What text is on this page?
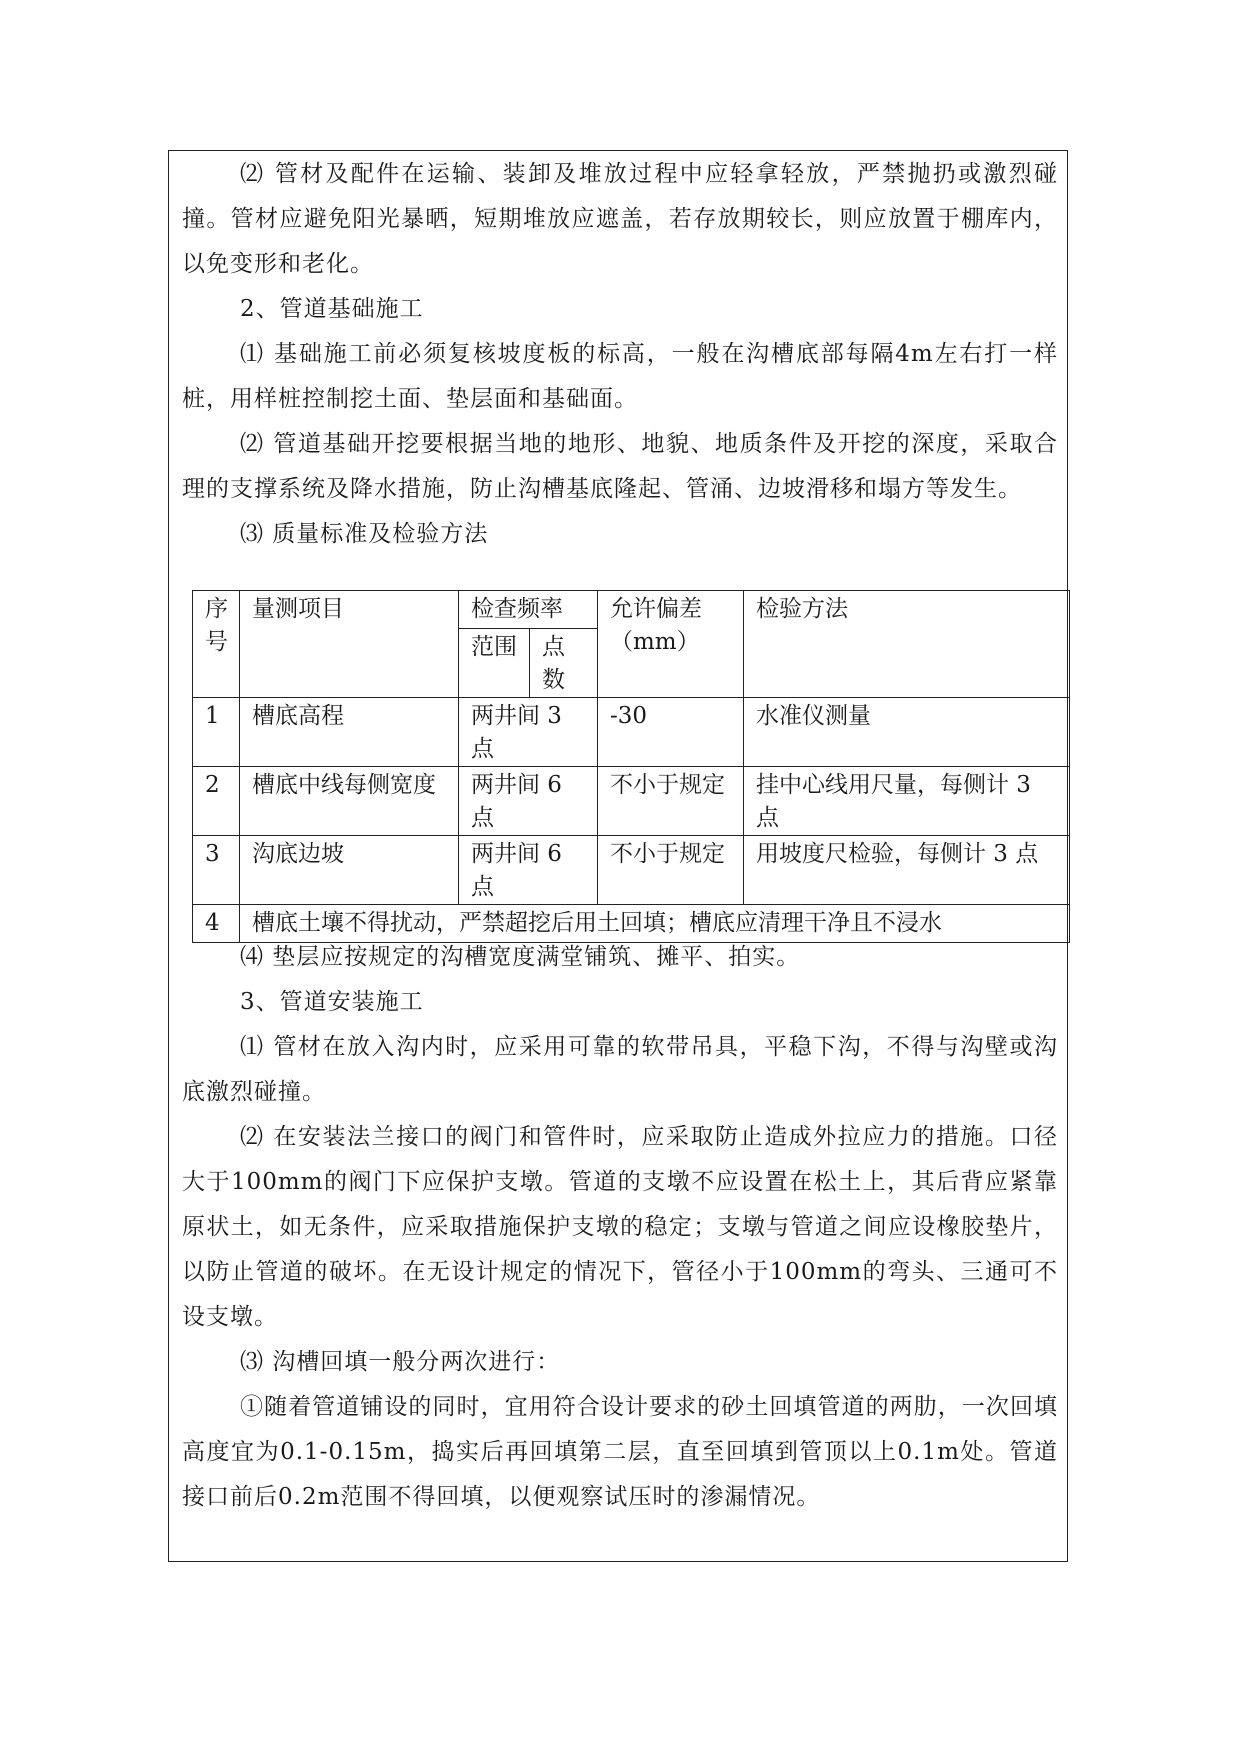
⑵ 管材及配件在运输、装卸及堆放过程中应轻拿轻放，严禁抛扔或激烈碰撞。管材应避免阳光暴晒，短期堆放应遮盖，若存放期较长，则应放置于棚库内，以免变形和老化。
2、管道基础施工
⑴ 基础施工前必须复核坡度板的标高，一般在沟槽底部每隔4m左右打一样桩，用样桩控制挖土面、垫层面和基础面。
⑵ 管道基础开挖要根据当地的地形、地貌、地质条件及开挖的深度，采取合理的支撑系统及降水措施，防止沟槽基底隆起、管涌、边坡滑移和塌方等发生。
⑶ 质量标准及检验方法
序号	量测项目	检查频率		允许偏差（mm）	检验方法
		范围	点数		
1	槽底高程	两井间 3 点		-30	水准仪测量
2	槽底中线每侧宽度	两井间 6 点		不小于规定	挂中心线用尺量，每侧计 3 点
3	沟底边坡	两井间 6 点		不小于规定	用坡度尺检验，每侧计 3 点
4	槽底土壤不得扰动，严禁超挖后用土回填；槽底应清理干净且不浸水				
⑷ 垫层应按规定的沟槽宽度满堂铺筑、摊平、拍实。
3、管道安装施工
⑴ 管材在放入沟内时，应采用可靠的软带吊具，平稳下沟，不得与沟壁或沟底激烈碰撞。
⑵ 在安装法兰接口的阀门和管件时，应采取防止造成外拉应力的措施。口径大于100mm的阀门下应保护支墩。管道的支墩不应设置在松土上，其后背应紧靠原状土，如无条件，应采取措施保护支墩的稳定；支墩与管道之间应设橡胶垫片，以防止管道的破坏。在无设计规定的情况下，管径小于100mm的弯头、三通可不设支墩。
⑶ 沟槽回填一般分两次进行：
①随着管道铺设的同时，宜用符合设计要求的砂土回填管道的两肋，一次回填高度宜为0.1-0.15m，捣实后再回填第二层，直至回填到管顶以上0.1m处。管道接口前后0.2m范围不得回填，以便观察试压时的渗漏情况。
